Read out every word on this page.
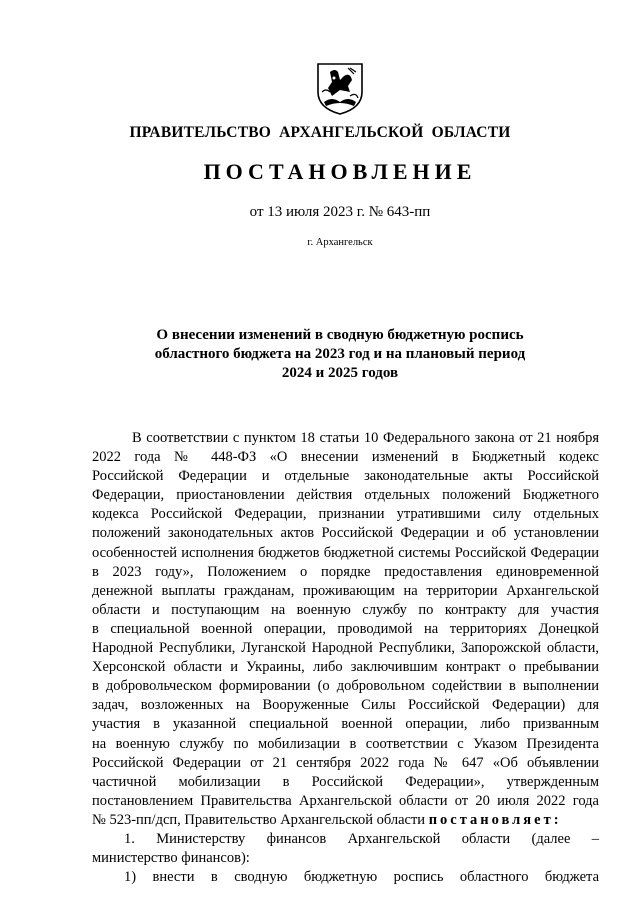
ПРАВИТЕЛЬСТВО АРХАНГЕЛЬСКОЙ ОБЛАСТИ
ПОСТАНОВЛЕНИЕ
от 13 июля 2023 г. № 643-пп
г. Архангельск
О внесении изменений в сводную бюджетную роспись
областного бюджета на 2023 год и на плановый период
2024 и 2025 годов
В соответствии с пунктом 18 статьи 10 Федерального закона от 21 ноября
2022 года № 448-ФЗ «О внесении изменений в Бюджетный кодекс
Российской Федерации и отдельные законодательные акты Российской
Федерации, приостановлении действия отдельных положений Бюджетного
кодекса Российской Федерации, признании утратившими силу отдельных
положений законодательных актов Российской Федерации и об установлении
особенностей исполнения бюджетов бюджетной системы Российской Федерации
в 2023 году», Положением о порядке предоставления единовременной
денежной выплаты гражданам, проживающим на территории Архангельской
области и поступающим на военную службу по контракту для участия
в специальной военной операции, проводимой на территориях Донецкой
Народной Республики, Луганской Народной Республики, Запорожской области,
Херсонской области и Украины, либо заключившим контракт о пребывании
в добровольческом формировании (о добровольном содействии в выполнении
задач, возложенных на Вооруженные Силы Российской Федерации) для
участия в указанной специальной военной операции, либо призванным
на военную службу по мобилизации в соответствии с Указом Президента
Российской Федерации от 21 сентября 2022 года № 647 «Об объявлении
частичной мобилизации в Российской Федерации», утвержденным
постановлением Правительства Архангельской области от 20 июля 2022 года
№ 523-пп/дсп, Правительство Архангельской области постановляет:
1. Министерству финансов Архангельской области (далее –
министерство финансов):
1) внести в сводную бюджетную роспись областного бюджета
